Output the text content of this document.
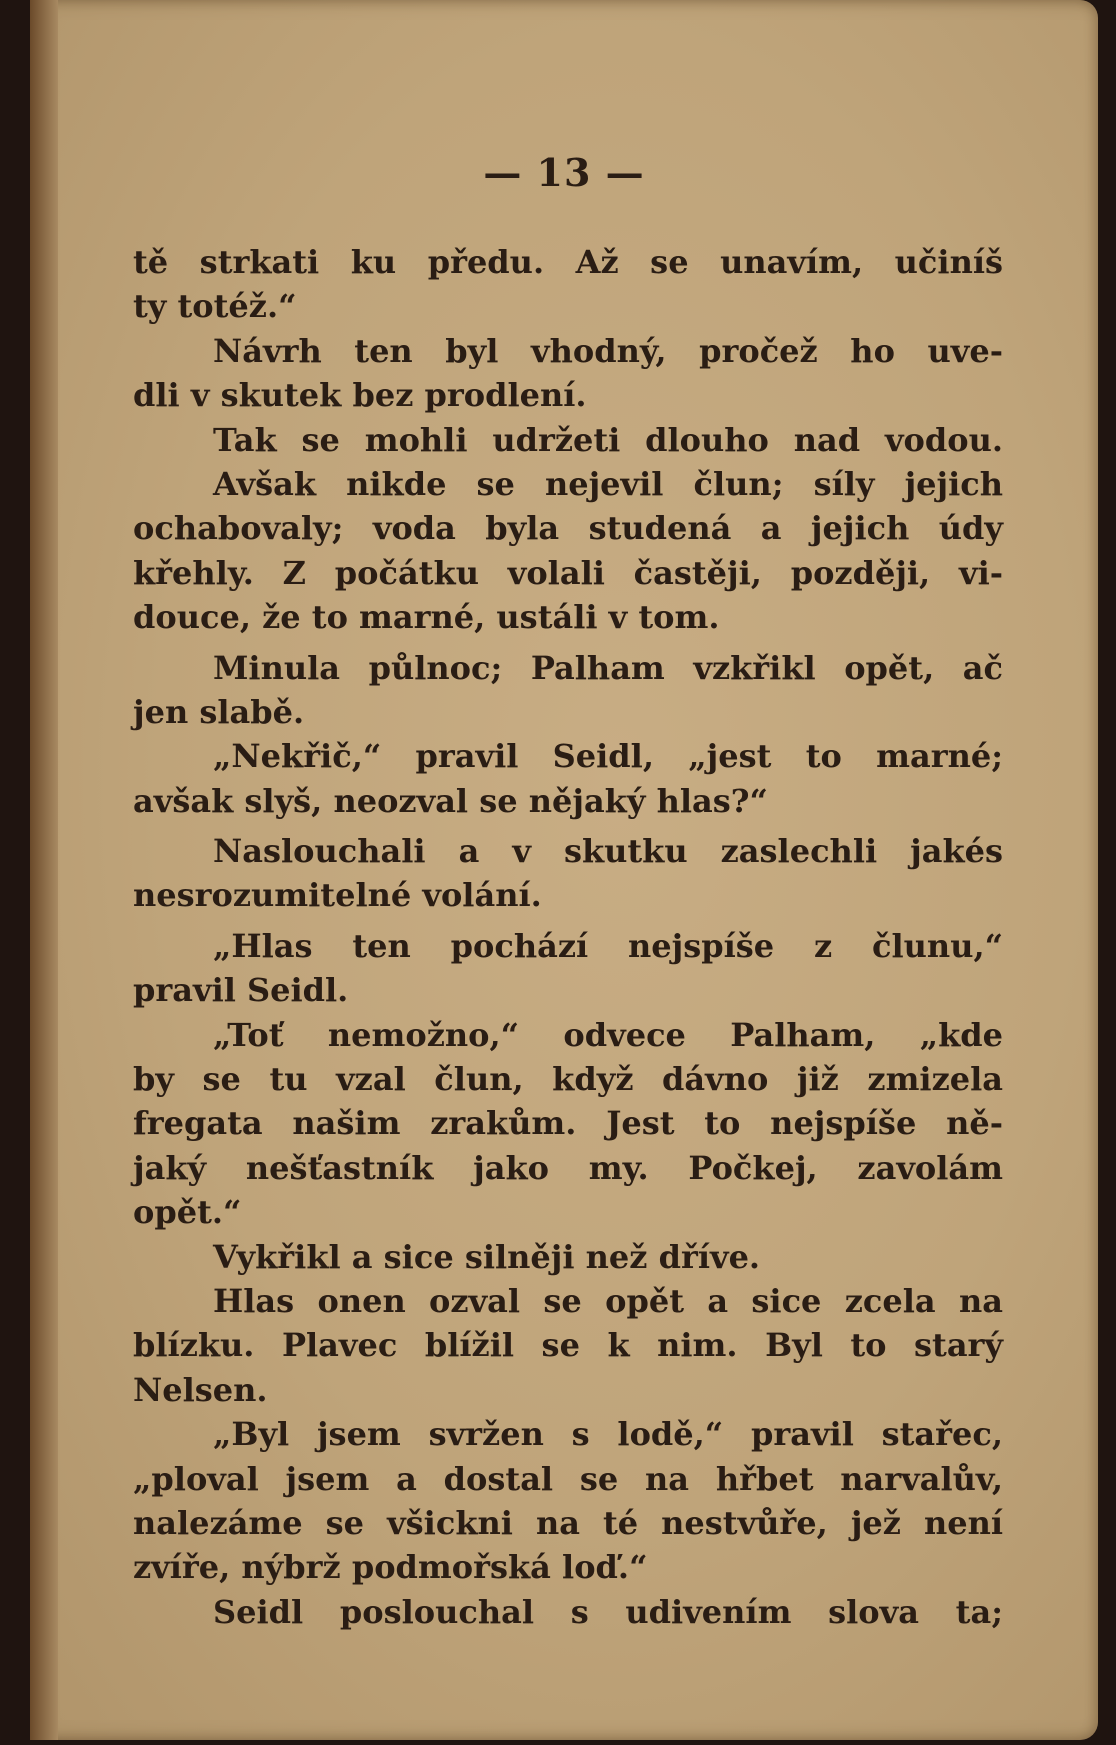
— 13 —
tě strkati ku předu. Až se unavím, učiníš
ty totéž.“
Návrh ten byl vhodný, pročež ho uve-
dli v skutek bez prodlení.
Tak se mohli udržeti dlouho nad vodou.
Avšak nikde se nejevil člun; síly jejich
ochabovaly; voda byla studená a jejich údy
křehly. Z počátku volali častěji, později, vi-
douce, že to marné, ustáli v tom.
Minula půlnoc; Palham vzkřikl opět, ač
jen slabě.
„Nekřič,“ pravil Seidl, „jest to marné;
avšak slyš, neozval se nějaký hlas?“
Naslouchali a v skutku zaslechli jakés
nesrozumitelné volání.
„Hlas ten pochází nejspíše z člunu,“
pravil Seidl.
„Toť nemožno,“ odvece Palham, „kde
by se tu vzal člun, když dávno již zmizela
fregata našim zrakům. Jest to nejspíše ně-
jaký nešťastník jako my. Počkej, zavolám
opět.“
Vykřikl a sice silněji než dříve.
Hlas onen ozval se opět a sice zcela na
blízku. Plavec blížil se k nim. Byl to starý
Nelsen.
„Byl jsem svržen s lodě,“ pravil stařec,
„ploval jsem a dostal se na hřbet narvalův,
nalezáme se všickni na té nestvůře, jež není
zvíře, nýbrž podmořská loď.“
Seidl poslouchal s udivením slova ta;
